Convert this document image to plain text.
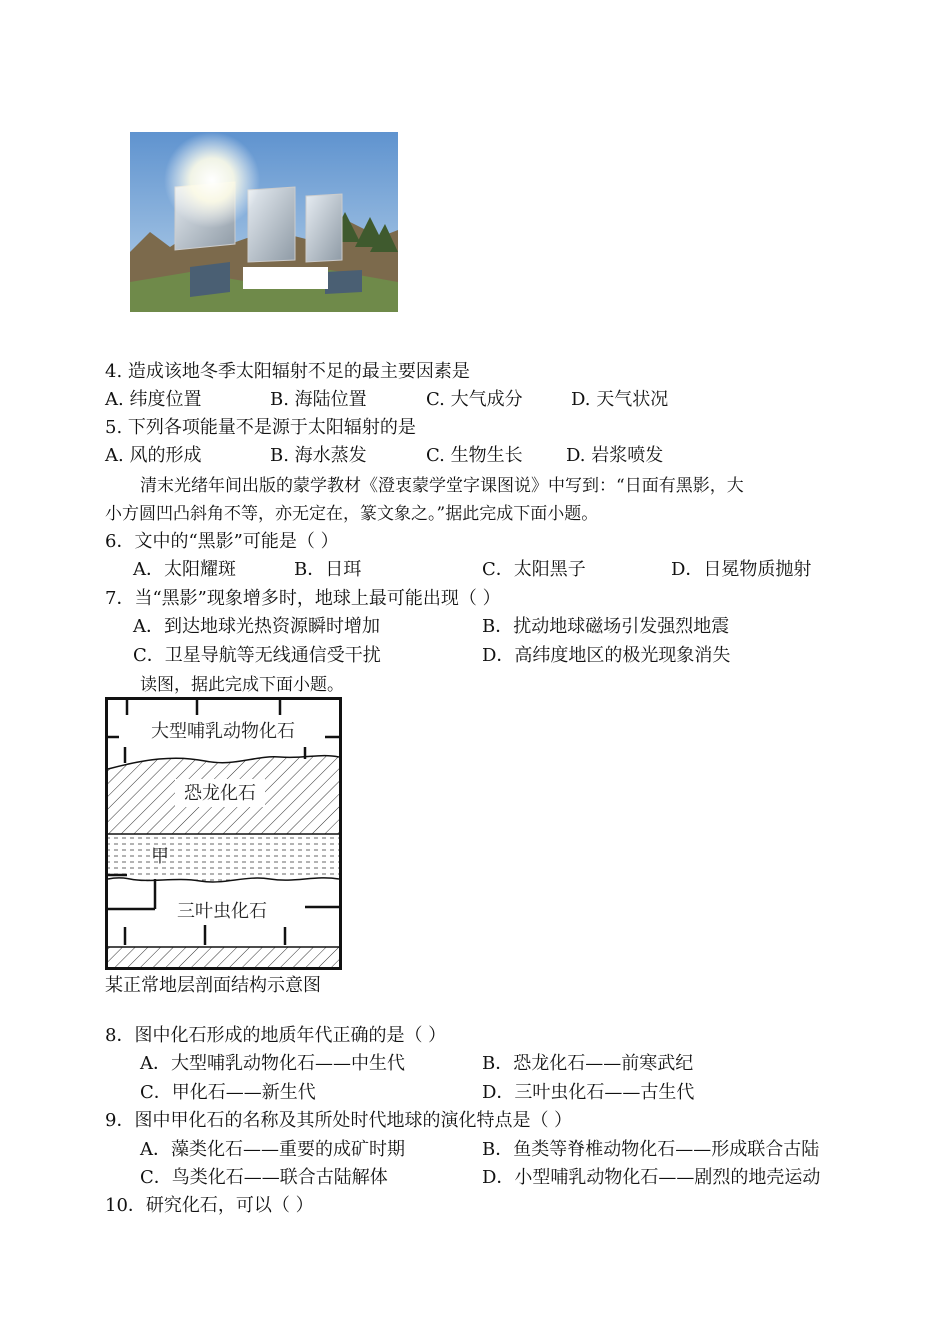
4. 造成该地冬季太阳辐射不足的最主要因素是
A. 纬度位置	B. 海陆位置	C. 大气成分	D. 天气状况
5. 下列各项能量不是源于太阳辐射的是
A. 风的形成	B. 海水蒸发	C. 生物生长 D. 岩浆喷发
清末光绪年间出版的蒙学教材《澄衷蒙学堂字课图说》中写到：“日面有黑影，大
小方圆凹凸斜角不等，亦无定在，篆文象之。”据此完成下面小题。
6．文中的“黑影”可能是（ ）
A．太阳耀斑	B．日珥	C．太阳黑子	D．日冕物质抛射
7．当“黑影”现象增多时，地球上最可能出现（ ）
A．到达地球光热资源瞬时增加	B．扰动地球磁场引发强烈地震
C．卫星导航等无线通信受干扰	D．高纬度地区的极光现象消失
读图，据此完成下面小题。
大型哺乳动物化石
恐龙化石
甲
三叶虫化石
某正常地层剖面结构示意图
8．图中化石形成的地质年代正确的是（ ）
A．大型哺乳动物化石——中生代	B．恐龙化石——前寒武纪
C．甲化石——新生代	D．三叶虫化石——古生代
9．图中甲化石的名称及其所处时代地球的演化特点是（ ）
A．藻类化石——重要的成矿时期	B．鱼类等脊椎动物化石——形成联合古陆
C．鸟类化石——联合古陆解体	D．小型哺乳动物化石——剧烈的地壳运动
10．研究化石，可以（ ）
